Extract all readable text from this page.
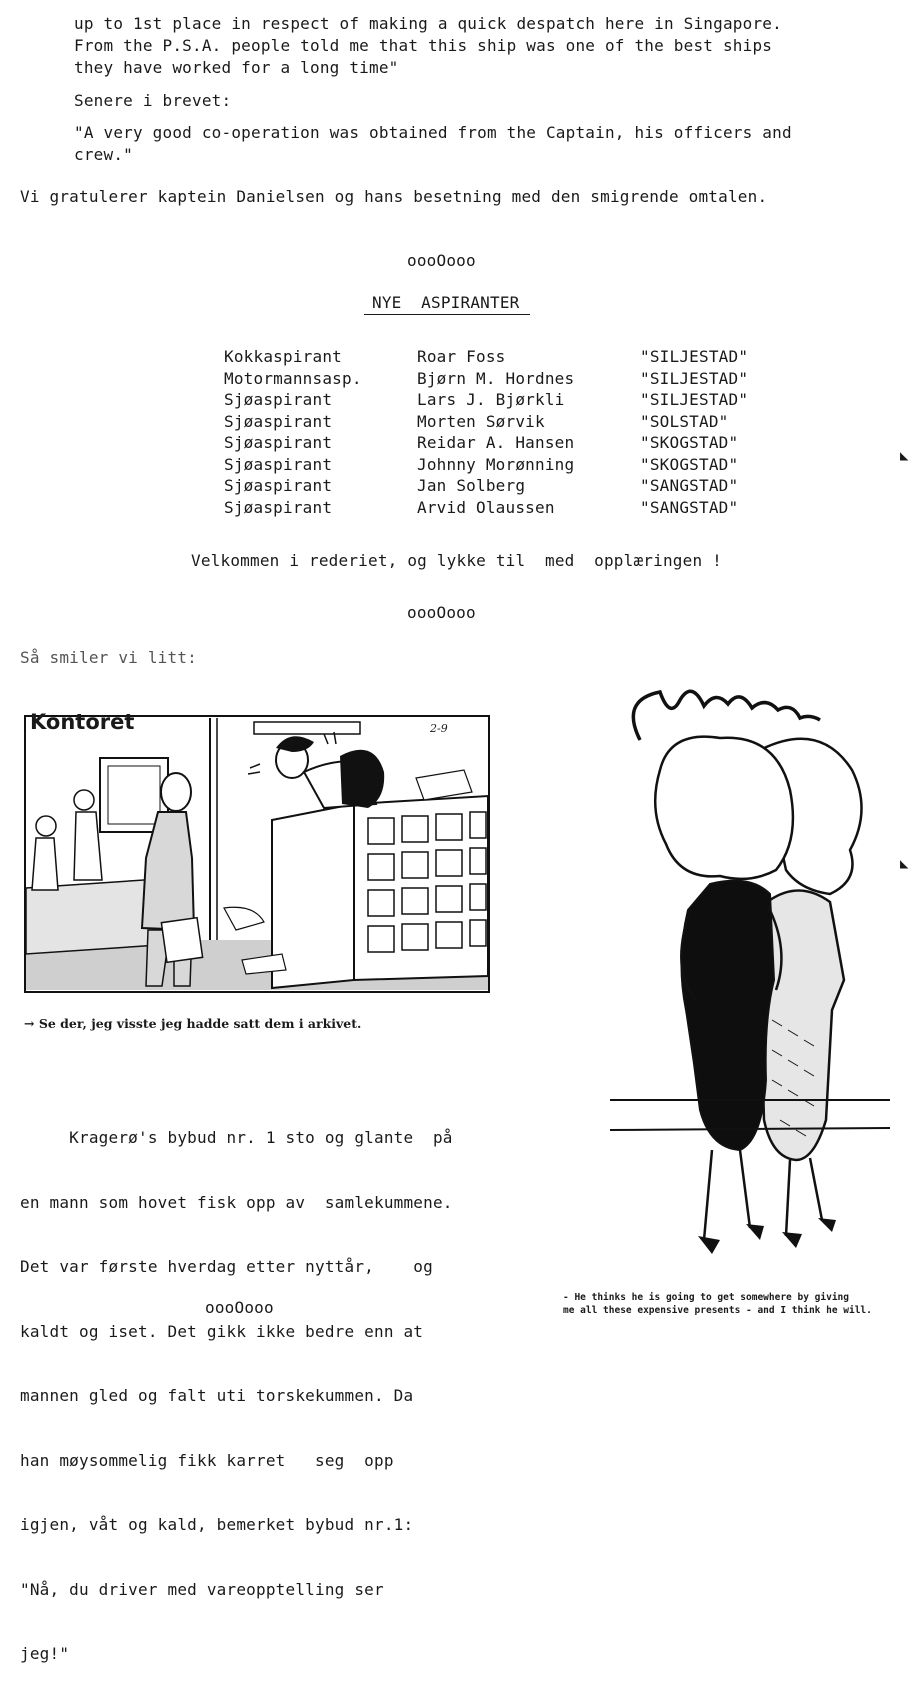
up to 1st place in respect of making a quick despatch here in Singapore.
From the P.S.A. people told me that this ship was one of the best ships
they have worked for a long time"
Senere i brevet:
"A very good co-operation was obtained from the Captain, his officers and
crew."
Vi gratulerer kaptein Danielsen og hans besetning med den smigrende omtalen.
oooOooo
NYE  ASPIRANTER
Kokkaspirant
Motormannsasp.
Sjøaspirant
Sjøaspirant
Sjøaspirant
Sjøaspirant
Sjøaspirant
Sjøaspirant
Roar Foss
Bjørn M. Hordnes
Lars J. Bjørkli
Morten Sørvik
Reidar A. Hansen
Johnny Morønning
Jan Solberg
Arvid Olaussen
"SILJESTAD"
"SILJESTAD"
"SILJESTAD"
"SOLSTAD"
"SKOGSTAD"
"SKOGSTAD"
"SANGSTAD"
"SANGSTAD"
Velkommen i rederiet, og lykke til  med  opplæringen !
oooOooo
Så smiler vi litt:
Kontoret	2-9
→ Se der, jeg visste jeg hadde satt dem i arkivet.

Kragerø's bybud nr. 1 sto og glante  på

en mann som hovet fisk opp av  samlekummene.

Det var første hverdag etter nyttår,    og

kaldt og iset. Det gikk ikke bedre enn at

mannen gled og falt uti torskekummen. Da

han møysommelig fikk karret   seg  opp

igjen, våt og kald, bemerket bybud nr.1:

"Nå, du driver med vareopptelling ser

jeg!"

oooOooo
- He thinks he is going to get somewhere by giving
me all these expensive presents - and I think he will.
◣
◣
